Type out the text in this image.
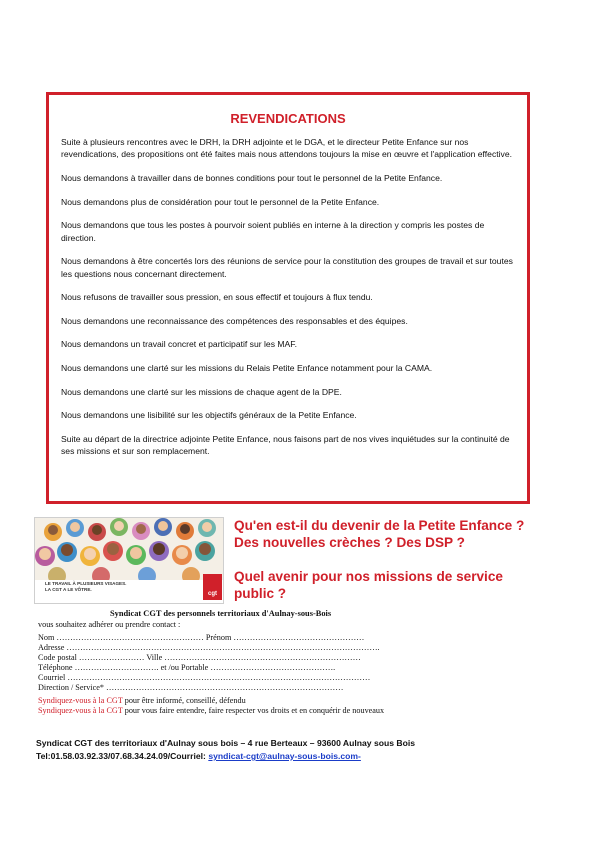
REVENDICATIONS

Suite à plusieurs rencontres avec le DRH, la DRH adjointe et le DGA, et le directeur Petite Enfance sur nos revendications, des propositions ont été faites mais nous attendons toujours la mise en œuvre et l'application effective.

Nous demandons à travailler dans de bonnes conditions pour tout le personnel de la Petite Enfance.

Nous demandons plus de considération pour tout le personnel de la Petite Enfance.

Nous demandons que tous les postes à pourvoir soient publiés en interne à la direction y compris les postes de direction.

Nous demandons à être concertés lors des réunions de service pour la constitution des groupes de travail et sur toutes les questions nous concernant directement.

Nous refusons de travailler sous pression, en sous effectif et toujours à flux tendu.

Nous demandons une reconnaissance des compétences des responsables et des équipes.

Nous demandons un travail concret et participatif sur les MAF.

Nous demandons une clarté sur les missions du Relais Petite Enfance notamment pour la CAMA.

Nous demandons une clarté sur les missions de chaque agent de la DPE.

Nous demandons une lisibilité sur les objectifs généraux de la Petite Enfance.

Suite au départ de la directrice adjointe Petite Enfance, nous faisons part de nos vives inquiétudes sur la continuité de ses missions et sur son remplacement.

LE TRAVAIL À PLUSIEURS VISAGES.
LA CGT A LE VÔTRE.
cgt
Qu'en est-il du devenir de la Petite Enfance ?
Des nouvelles crèches ? Des DSP ?
Quel avenir pour nos missions de service
public ?
Syndicat CGT des personnels territoriaux d'Aulnay-sous-Bois
vous souhaitez adhérer ou prendre contact :
Nom ……………………………………………… Prénom …………………………………………
Adresse …………………………………………………………………………………………………….
Code postal …………………… Ville ………………………………………………………………
Téléphone …………………………. et /ou Portable ……………………………………….
Courriel …………………………………………………………………………………………………
Direction / Service* ……………………………………………………………………………
Syndiquez-vous à la CGT pour être informé, conseillé, défendu
Syndiquez-vous à la CGT pour vous faire entendre, faire respecter vos droits et en conquérir de nouveaux
Syndicat CGT des territoriaux d'Aulnay sous bois – 4 rue Berteaux – 93600 Aulnay sous Bois
Tel:01.58.03.92.33/07.68.34.24.09/Courriel: syndicat-cgt@aulnay-sous-bois.com-
